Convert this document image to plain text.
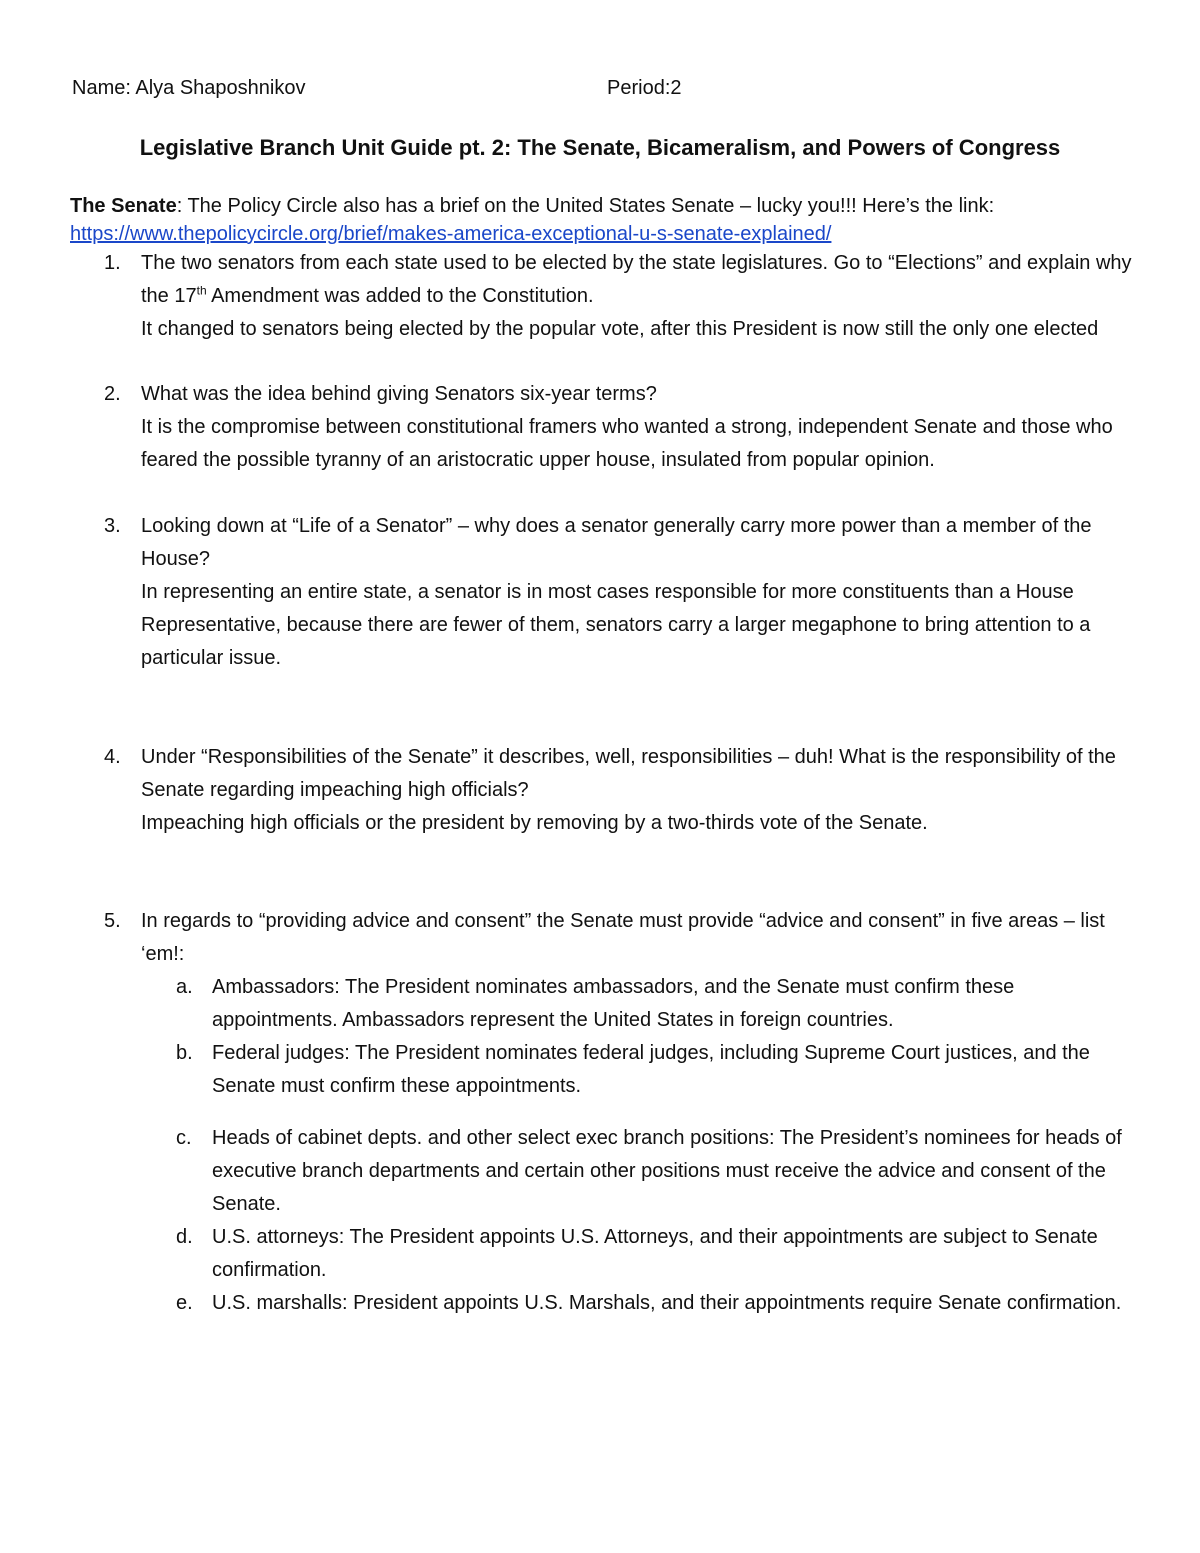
Name: Alya Shaposhnikov	Period:2
Legislative Branch Unit Guide pt. 2: The Senate, Bicameralism, and Powers of Congress
The Senate: The Policy Circle also has a brief on the United States Senate – lucky you!!! Here’s the link:
https://www.thepolicycircle.org/brief/makes-america-exceptional-u-s-senate-explained/
1. The two senators from each state used to be elected by the state legislatures. Go to “Elections” and explain why the 17th Amendment was added to the Constitution.

It changed to senators being elected by the popular vote, after this President is now still the only one elected

2. What was the idea behind giving Senators six-year terms?

It is the compromise between constitutional framers who wanted a strong, independent Senate and those who feared the possible tyranny of an aristocratic upper house, insulated from popular opinion.

3. Looking down at “Life of a Senator” – why does a senator generally carry more power than a member of the House?

In representing an entire state, a senator is in most cases responsible for more constituents than a House Representative, because there are fewer of them, senators carry a larger megaphone to bring attention to a particular issue.

4. Under “Responsibilities of the Senate” it describes, well, responsibilities – duh! What is the responsibility of the Senate regarding impeaching high officials?

Impeaching high officials or the president by removing by a two-thirds vote of the Senate.

5. In regards to “providing advice and consent” the Senate must provide “advice and consent” in five areas – list ‘em!:

a. Ambassadors: The President nominates ambassadors, and the Senate must confirm these appointments. Ambassadors represent the United States in foreign countries.
b. Federal judges: The President nominates federal judges, including Supreme Court justices, and the Senate must confirm these appointments.
c. Heads of cabinet depts. and other select exec branch positions: The President’s nominees for heads of executive branch departments and certain other positions must receive the advice and consent of the Senate.
d. U.S. attorneys: The President appoints U.S. Attorneys, and their appointments are subject to Senate confirmation.
e. U.S. marshalls: President appoints U.S. Marshals, and their appointments require Senate confirmation.
